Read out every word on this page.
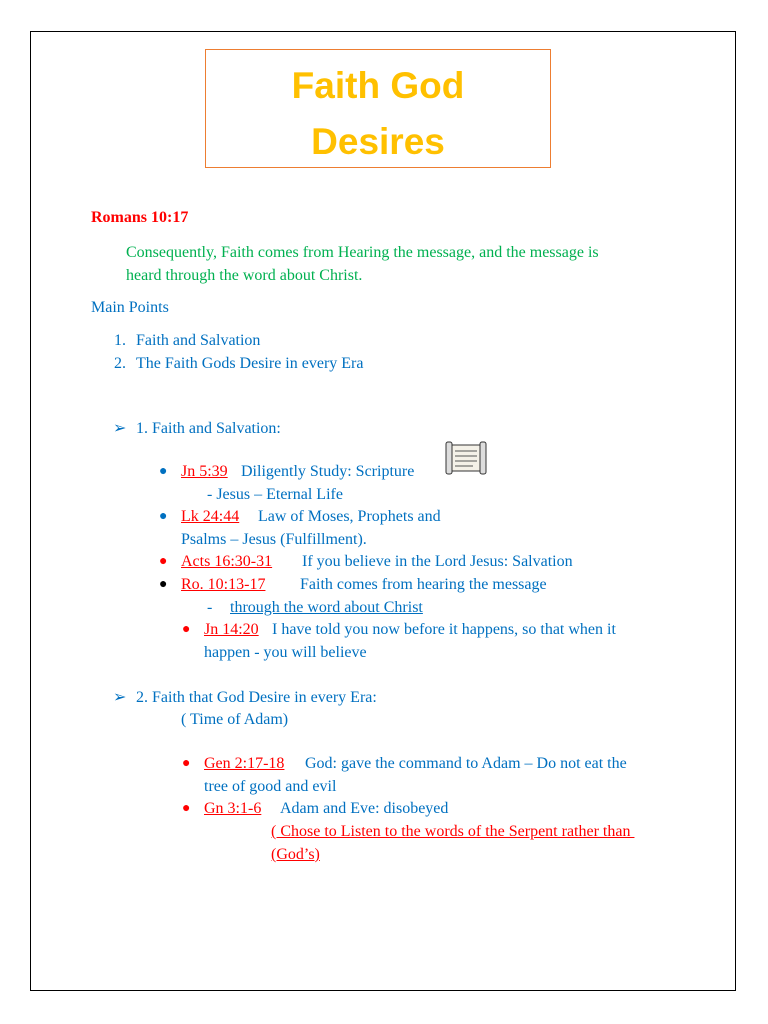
Faith God
Desires
Romans 10:17
Consequently, Faith comes from Hearing the message, and the message is
heard through the word about Christ.
Main Points
1. Faith and Salvation
2. The Faith Gods Desire in every Era
➢ 1. Faith and Salvation:
● Jn 5:39 Diligently Study: Scripture
- Jesus – Eternal Life
● Lk 24:44 Law of Moses, Prophets and
Psalms – Jesus (Fulfillment).
● Acts 16:30-31 If you believe in the Lord Jesus: Salvation
● Ro. 10:13-17 Faith comes from hearing the message
- through the word about Christ
● Jn 14:20 I have told you now before it happens, so that when it
happen - you will believe
➢ 2. Faith that God Desire in every Era:
( Time of Adam)
● Gen 2:17-18 God: gave the command to Adam – Do not eat the
tree of good and evil
● Gn 3:1-6 Adam and Eve: disobeyed
( Chose to Listen to the words of the Serpent rather than
(God’s)
